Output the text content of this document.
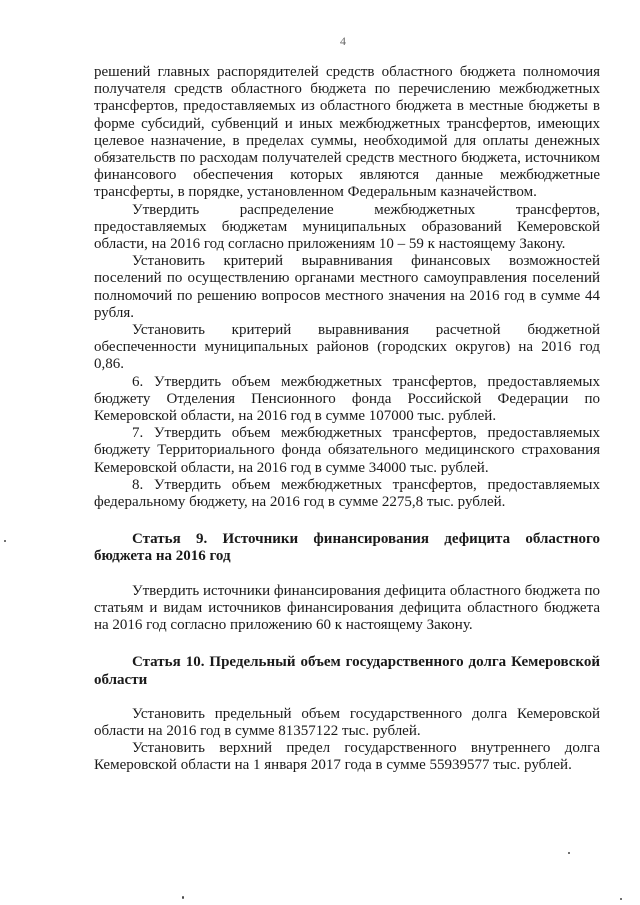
4

решений главных распорядителей средств областного бюджета полномочия получателя средств областного бюджета по перечислению межбюджетных трансфертов, предоставляемых из областного бюджета в местные бюджеты в форме субсидий, субвенций и иных межбюджетных трансфертов, имеющих целевое назначение, в пределах суммы, необходимой для оплаты денежных обязательств по расходам получателей средств местного бюджета, источником финансового обеспечения которых являются данные межбюджетные трансферты, в порядке, установленном Федеральным казначейством.

Утвердить распределение межбюджетных трансфертов, предоставляемых бюджетам муниципальных образований Кемеровской области, на 2016 год согласно приложениям 10 – 59 к настоящему Закону.

Установить критерий выравнивания финансовых возможностей поселений по осуществлению органами местного самоуправления поселений полномочий по решению вопросов местного значения на 2016 год в сумме 44 рубля.

Установить критерий выравнивания расчетной бюджетной обеспеченности муниципальных районов (городских округов) на 2016 год 0,86.

6. Утвердить объем межбюджетных трансфертов, предоставляемых бюджету Отделения Пенсионного фонда Российской Федерации по Кемеровской области, на 2016 год в сумме 107000 тыс. рублей.

7. Утвердить объем межбюджетных трансфертов, предоставляемых бюджету Территориального фонда обязательного медицинского страхования Кемеровской области, на 2016 год в сумме 34000 тыс. рублей.

8. Утвердить объем межбюджетных трансфертов, предоставляемых федеральному бюджету, на 2016 год в сумме 2275,8 тыс. рублей.

Статья 9. Источники финансирования дефицита областного бюджета на 2016 год

Утвердить источники финансирования дефицита областного бюджета по статьям и видам источников финансирования дефицита областного бюджета на 2016 год согласно приложению 60 к настоящему Закону.

Статья 10. Предельный объем государственного долга Кемеровской области

Установить предельный объем государственного долга Кемеровской области на 2016 год в сумме 81357122 тыс. рублей.

Установить верхний предел государственного внутреннего долга Кемеровской области на 1 января 2017 года в сумме 55939577 тыс. рублей.
